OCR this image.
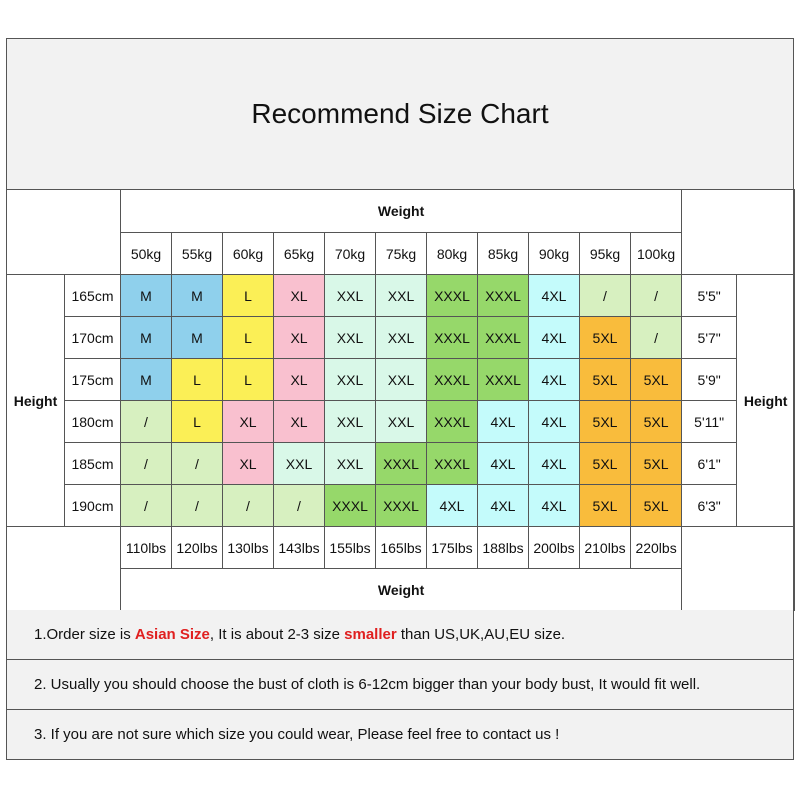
Recommend Size Chart
		Weight												
		50kg	55kg	60kg	65kg	70kg	75kg	80kg	85kg	90kg	95kg	100kg		
Height	165cm	M	M	L	XL	XXL	XXL	XXXL	XXXL	4XL	/	/	5'5"	Height
	170cm	M	M	L	XL	XXL	XXL	XXXL	XXXL	4XL	5XL	/	5'7"	
	175cm	M	L	L	XL	XXL	XXL	XXXL	XXXL	4XL	5XL	5XL	5'9"	
	180cm	/	L	XL	XL	XXL	XXL	XXXL	4XL	4XL	5XL	5XL	5'11"	
	185cm	/	/	XL	XXL	XXL	XXXL	XXXL	4XL	4XL	5XL	5XL	6'1"	
	190cm	/	/	/	/	XXXL	XXXL	4XL	4XL	4XL	5XL	5XL	6'3"	
		110lbs	120lbs	130lbs	143lbs	155lbs	165lbs	175lbs	188lbs	200lbs	210lbs	220lbs		
		Weight												
1.Order size is Asian Size, It is about 2-3 size smaller than US,UK,AU,EU size.
2. Usually you should choose the bust of cloth is 6-12cm bigger than your body bust, It would fit well.
3. If you are not sure which size you could wear, Please feel free to contact us !
